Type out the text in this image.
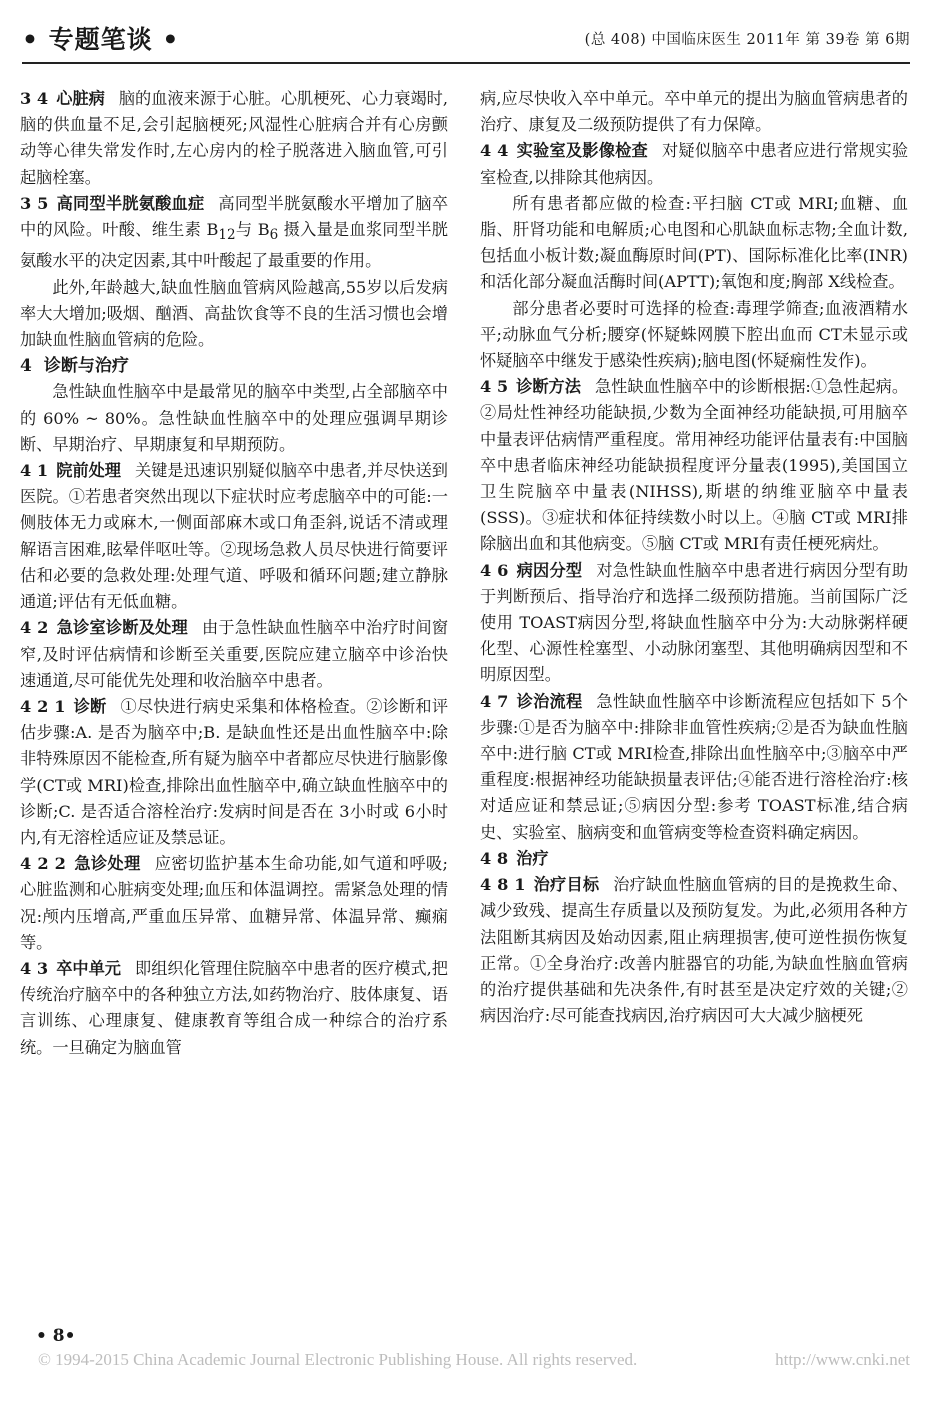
• 专题笔谈 •	(总 408) 中国临床医生 2011年 第 39卷 第 6期

3 4 心脏病 脑的血液来源于心脏。心肌梗死、心力衰竭时,脑的供血量不足,会引起脑梗死;风湿性心脏病合并有心房颤动等心律失常发作时,左心房内的栓子脱落进入脑血管,可引起脑栓塞。

3 5 高同型半胱氨酸血症 高同型半胱氨酸水平增加了脑卒中的风险。叶酸、维生素 $B_{12}$与 $B_6$ 摄入量是血浆同型半胱氨酸水平的决定因素,其中叶酸起了最重要的作用。

此外,年龄越大,缺血性脑血管病风险越高,55岁以后发病率大大增加;吸烟、酗酒、高盐饮食等不良的生活习惯也会增加缺血性脑血管病的危险。

4 诊断与治疗

急性缺血性脑卒中是最常见的脑卒中类型,占全部脑卒中的 60% ~ 80%。急性缺血性脑卒中的处理应强调早期诊断、早期治疗、早期康复和早期预防。

4 1 院前处理 关键是迅速识别疑似脑卒中患者,并尽快送到医院。①若患者突然出现以下症状时应考虑脑卒中的可能:一侧肢体无力或麻木,一侧面部麻木或口角歪斜,说话不清或理解语言困难,眩晕伴呕吐等。②现场急救人员尽快进行简要评估和必要的急救处理:处理气道、呼吸和循环问题;建立静脉通道;评估有无低血糖。

4 2 急诊室诊断及处理 由于急性缺血性脑卒中治疗时间窗窄,及时评估病情和诊断至关重要,医院应建立脑卒中诊治快速通道,尽可能优先处理和收治脑卒中患者。

4 2 1 诊断 ①尽快进行病史采集和体格检查。②诊断和评估步骤:A. 是否为脑卒中;B. 是缺血性还是出血性脑卒中:除非特殊原因不能检查,所有疑为脑卒中者都应尽快进行脑影像学(CT或 MRI)检查,排除出血性脑卒中,确立缺血性脑卒中的诊断;C. 是否适合溶栓治疗:发病时间是否在 3小时或 6小时内,有无溶栓适应证及禁忌证。

4 2 2 急诊处理 应密切监护基本生命功能,如气道和呼吸;心脏监测和心脏病变处理;血压和体温调控。需紧急处理的情况:颅内压增高,严重血压异常、血糖异常、体温异常、癫痫等。

4 3 卒中单元 即组织化管理住院脑卒中患者的医疗模式,把传统治疗脑卒中的各种独立方法,如药物治疗、肢体康复、语言训练、心理康复、健康教育等组合成一种综合的治疗系统。一旦确定为脑血管

病,应尽快收入卒中单元。卒中单元的提出为脑血管病患者的治疗、康复及二级预防提供了有力保障。

4 4 实验室及影像检查 对疑似脑卒中患者应进行常规实验室检查,以排除其他病因。

所有患者都应做的检查:平扫脑 CT或 MRI;血糖、血脂、肝肾功能和电解质;心电图和心肌缺血标志物;全血计数,包括血小板计数;凝血酶原时间(PT)、国际标准化比率(INR)和活化部分凝血活酶时间(APTT);氧饱和度;胸部 X线检查。

部分患者必要时可选择的检查:毒理学筛查;血液酒精水平;动脉血气分析;腰穿(怀疑蛛网膜下腔出血而 CT未显示或怀疑脑卒中继发于感染性疾病);脑电图(怀疑痫性发作)。

4 5 诊断方法 急性缺血性脑卒中的诊断根据:①急性起病。②局灶性神经功能缺损,少数为全面神经功能缺损,可用脑卒中量表评估病情严重程度。常用神经功能评估量表有:中国脑卒中患者临床神经功能缺损程度评分量表(1995),美国国立卫生院脑卒中量表(NIHSS),斯堪的纳维亚脑卒中量表(SSS)。③症状和体征持续数小时以上。④脑 CT或 MRI排除脑出血和其他病变。⑤脑 CT或 MRI有责任梗死病灶。

4 6 病因分型 对急性缺血性脑卒中患者进行病因分型有助于判断预后、指导治疗和选择二级预防措施。当前国际广泛使用 TOAST病因分型,将缺血性脑卒中分为:大动脉粥样硬化型、心源性栓塞型、小动脉闭塞型、其他明确病因型和不明原因型。

4 7 诊治流程 急性缺血性脑卒中诊断流程应包括如下 5个步骤:①是否为脑卒中:排除非血管性疾病;②是否为缺血性脑卒中:进行脑 CT或 MRI检查,排除出血性脑卒中;③脑卒中严重程度:根据神经功能缺损量表评估;④能否进行溶栓治疗:核对适应证和禁忌证;⑤病因分型:参考 TOAST标准,结合病史、实验室、脑病变和血管病变等检查资料确定病因。

4 8 治疗

4 8 1 治疗目标 治疗缺血性脑血管病的目的是挽救生命、减少致残、提高生存质量以及预防复发。为此,必须用各种方法阻断其病因及始动因素,阻止病理损害,使可逆性损伤恢复正常。①全身治疗:改善内脏器官的功能,为缺血性脑血管病的治疗提供基础和先决条件,有时甚至是决定疗效的关键;②病因治疗:尽可能查找病因,治疗病因可大大减少脑梗死

• 8•
© 1994-2015 China Academic Journal Electronic Publishing House. All rights reserved.	http://www.cnki.net
